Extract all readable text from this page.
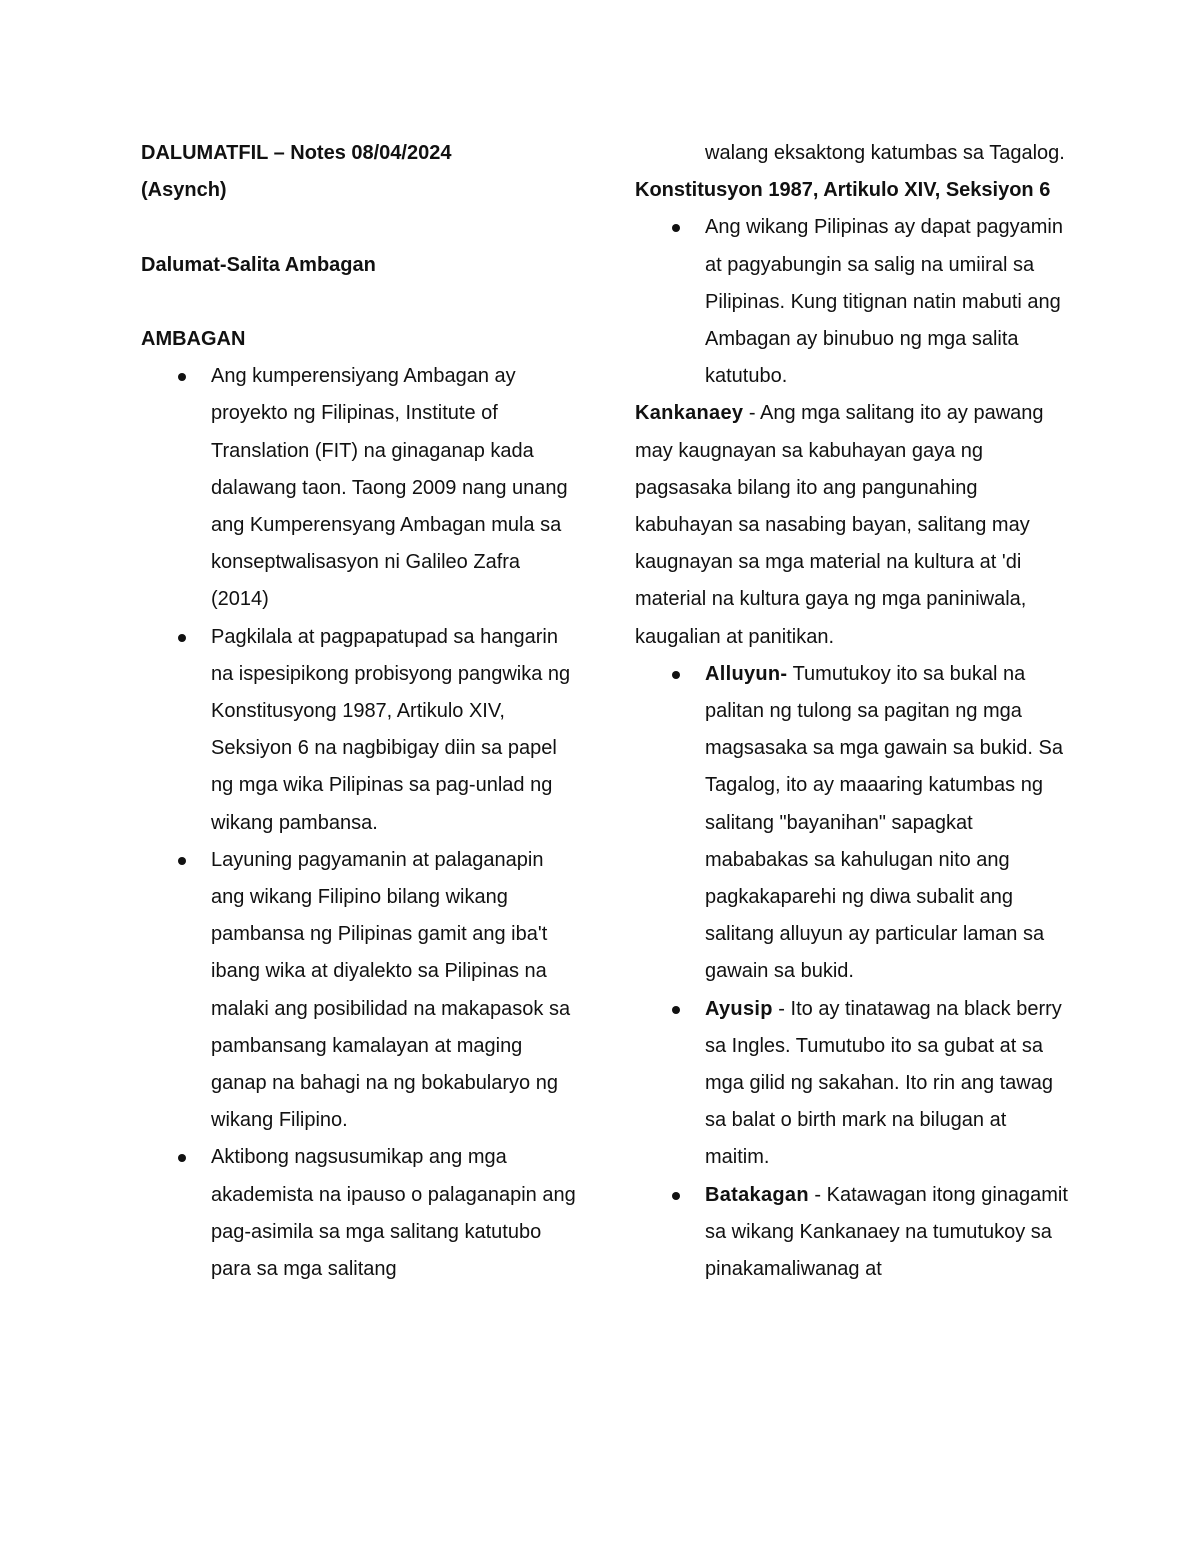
DALUMATFIL – Notes 08/04/2024

(Asynch)

Dalumat-Salita Ambagan

AMBAGAN

Ang kumperensiyang Ambagan ay proyekto ng Filipinas, Institute of Translation (FIT) na ginaganap kada dalawang taon. Taong 2009 nang unang ang Kumperensyang Ambagan mula sa konseptwalisasyon ni Galileo Zafra (2014)
Pagkilala at pagpapatupad sa hangarin na ispesipikong probisyong pangwika ng Konstitusyong 1987, Artikulo XIV, Seksiyon 6 na nagbibigay diin sa papel ng mga wika Pilipinas sa pag-unlad ng wikang pambansa.
Layuning pagyamanin at palaganapin ang wikang Filipino bilang wikang pambansa ng Pilipinas gamit ang iba't ibang wika at diyalekto sa Pilipinas na malaki ang posibilidad na makapasok sa pambansang kamalayan at maging ganap na bahagi na ng bokabularyo ng wikang Filipino.
Aktibong nagsusumikap ang mga akademista na ipauso o palaganapin ang pag-asimila sa mga salitang katutubo para sa mga salitang

walang eksaktong katumbas sa Tagalog.

Konstitusyon 1987, Artikulo XIV, Seksiyon 6

Ang wikang Pilipinas ay dapat pagyamin at pagyabungin sa salig na umiiral sa Pilipinas. Kung titignan natin mabuti ang Ambagan ay binubuo ng mga salita katutubo.

Kankanaey - Ang mga salitang ito ay pawang may kaugnayan sa kabuhayan gaya ng pagsasaka bilang ito ang pangunahing kabuhayan sa nasabing bayan, salitang may kaugnayan sa mga material na kultura at 'di material na kultura gaya ng mga paniniwala, kaugalian at panitikan.

Alluyun- Tumutukoy ito sa bukal na palitan ng tulong sa pagitan ng mga magsasaka sa mga gawain sa bukid. Sa Tagalog, ito ay maaaring katumbas ng salitang "bayanihan" sapagkat mababakas sa kahulugan nito ang pagkakaparehi ng diwa subalit ang salitang alluyun ay particular laman sa gawain sa bukid.
Ayusip - Ito ay tinatawag na black berry sa Ingles. Tumutubo ito sa gubat at sa mga gilid ng sakahan. Ito rin ang tawag sa balat o birth mark na bilugan at maitim.
Batakagan - Katawagan itong ginagamit sa wikang Kankanaey na tumutukoy sa pinakamaliwanag at
